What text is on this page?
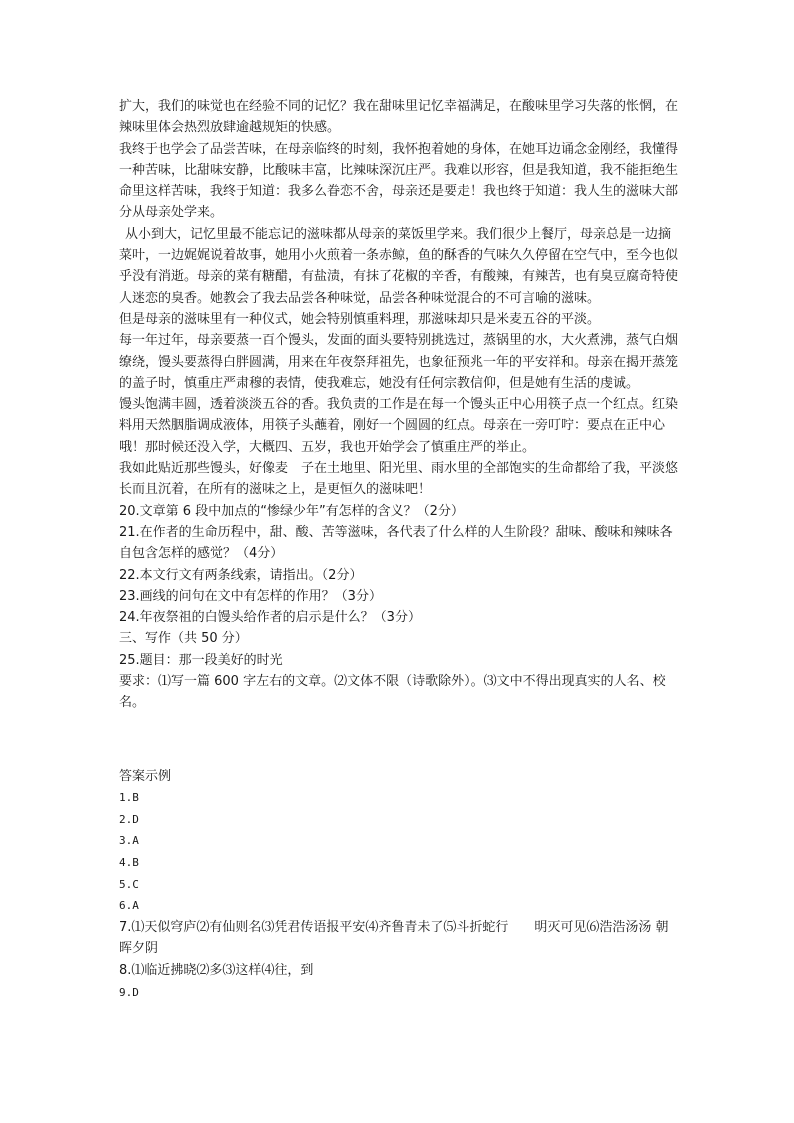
扩大，我们的味觉也在经验不同的记忆？我在甜味里记忆幸福满足，在酸味里学习失落的怅惘，在辣味里体会热烈放肆逾越规矩的快感。

我终于也学会了品尝苦味，在母亲临终的时刻，我怀抱着她的身体，在她耳边诵念金刚经，我懂得一种苦味，比甜味安静，比酸味丰富，比辣味深沉庄严。我难以形容，但是我知道，我不能拒绝生命里这样苦味，我终于知道：我多么眷恋不舍，母亲还是要走！我也终于知道：我人生的滋味大部分从母亲处学来。

从小到大，记忆里最不能忘记的滋味都从母亲的菜饭里学来。我们很少上餐厅，母亲总是一边摘菜叶，一边娓娓说着故事，她用小火煎着一条赤鲸，鱼的酥香的气味久久停留在空气中，至今也似乎没有消逝。母亲的菜有糖醋，有盐渍，有抹了花椒的辛香，有酸辣，有辣苦，也有臭豆腐奇特使人迷恋的臭香。她教会了我去品尝各种味觉，品尝各种味觉混合的不可言喻的滋味。

但是母亲的滋味里有一种仪式，她会特别慎重料理，那滋味却只是米麦五谷的平淡。

每一年过年，母亲要蒸一百个馒头，发面的面头要特别挑选过，蒸锅里的水，大火煮沸，蒸气白烟缭绕，馒头要蒸得白胖圆满，用来在年夜祭拜祖先，也象征预兆一年的平安祥和。母亲在揭开蒸笼的盖子时，慎重庄严肃穆的表情，使我难忘，她没有任何宗教信仰，但是她有生活的虔诚。

馒头饱满丰圆，透着淡淡五谷的香。我负责的工作是在每一个馒头正中心用筷子点一个红点。红染料用天然胭脂调成液体，用筷子头蘸着，刚好一个圆圆的红点。母亲在一旁叮咛：要点在正中心哦！那时候还没入学，大概四、五岁，我也开始学会了慎重庄严的举止。

我如此贴近那些馒头，好像麦　子在土地里、阳光里、雨水里的全部饱实的生命都给了我，平淡悠长而且沉着，在所有的滋味之上，是更恒久的滋味吧！

20.文章第 6 段中加点的“惨绿少年”有怎样的含义？（2分）

21.在作者的生命历程中，甜、酸、苦等滋味，各代表了什么样的人生阶段？甜味、酸味和辣味各自包含怎样的感觉？（4分）

22.本文行文有两条线索，请指出。（2分）

23.画线的问句在文中有怎样的作用？（3分）

24.年夜祭祖的白馒头给作者的启示是什么？（3分）

三、写作（共 50 分）

25.题目：那一段美好的时光

要求：⑴写一篇 600 字左右的文章。⑵文体不限（诗歌除外）。⑶文中不得出现真实的人名、校名。

答案示例

1.B

2.D

3.A

4.B

5.C

6.A

7.⑴天似穹庐⑵有仙则名⑶凭君传语报平安⑷齐鲁青未了⑸斗折蛇行　　明灭可见⑹浩浩汤汤 朝晖夕阴

8.⑴临近拂晓⑵多⑶这样⑷往，到

9.D
